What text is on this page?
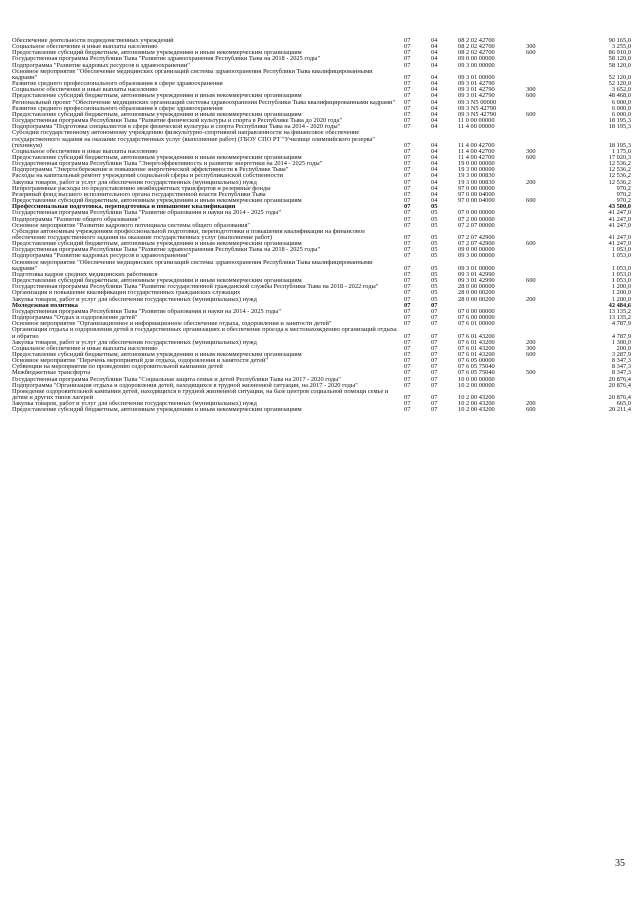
Обеспечение деятельности подведомственных учреждений	07	04	08 2 02 42700		90 165,0
Социальное обеспечение и иные выплаты населению	07	04	08 2 02 42700	300	3 255,0
Предоставление субсидий бюджетным, автономным учреждениям и иным некоммерческим организациям	07	04	08 2 02 42700	600	86 910,0
Государственная программа Республики Тыва "Развитие здравоохранения Республики Тыва на 2018 - 2025 годы"	07	04	09 0 00 00000		58 120,0
Подпрограмма "Развитие кадровых ресурсов в здравоохранении"	07	04	09 3 00 00000		58 120,0
Основное мероприятие "Обеспечение медицинских организаций системы здравоохранения Республики Тыва квалифицированными кадрами"	07	04	09 3 01 00000		52 120,0
Развитие среднего профессионального образования в сфере здравоохранения	07	04	09 3 01 42790		52 120,0
Социальное обеспечение и иные выплаты населению	07	04	09 3 01 42790	300	3 652,0
Предоставление субсидий бюджетным, автономным учреждениям и иным некоммерческим организациям	07	04	09 3 01 42790	600	48 468,0
Региональный проект "Обеспечение медицинских организаций системы здравоохранения Республики Тыва квалифицированными кадрами"	07	04	09 3 N5 00000		6 000,0
Развитие среднего профессионального образования в сфере здравоохранения	07	04	09 3 N5 42790		6 000,0
Предоставление субсидий бюджетным, автономным учреждениям и иным некоммерческим организациям	07	04	09 3 N5 42790	600	6 000,0
Государственная программа Республики Тыва "Развитие физической культуры и спорта в Республике Тыва до 2020 года"	07	04	11 0 00 00000		18 195,3
Подпрограмма "Подготовка специалистов в сфере физической культуры и спорта Республики Тыва на 2014 - 2020 годы"	07	04	11 4 00 00000		18 195,3
Субсидии государственному автономному учреждению физкультурно-спортивной направленности на финансовое обеспечение государственного задания на оказание государственных услуг (выполнение работ) (ГБОУ СПО РТ "Училище олимпийского резерва" (техникум)	07	04	11 4 00 42700		18 195,3
Социальное обеспечение и иные выплаты населению	07	04	11 4 00 42700	300	1 175,0
Предоставление субсидий бюджетным, автономным учреждениям и иным некоммерческим организациям	07	04	11 4 00 42700	600	17 020,3
Государственная программа Республики Тыва "Энергоэффективность и развитие энергетики на 2014 - 2025 годы"	07	04	19 0 00 00000		12 536,2
Подпрограмма "Энергосбережение и повышение энергетической эффективности в Республике Тыва"	07	04	19 3 00 00000		12 536,2
Расходы на капитальный ремонт учреждений социальной сферы и республиканской собственности	07	04	19 3 00 00830		12 536,2
Закупка товаров, работ и услуг для обеспечения государственных (муниципальных) нужд	07	04	19 3 00 00830	200	12 536,2
Непрограммные расходы по предоставлению межбюджетных трансфертов и резервные фонды	07	04	97 0 00 00000		970,2
Резервный фонд высшего исполнительного органа государственной власти Республики Тыва	07	04	97 0 00 04000		970,2
Предоставление субсидий бюджетным, автономным учреждениям и иным некоммерческим организациям	07	04	97 0 00 04000	600	970,2
Профессиональная подготовка, переподготовка и повышение квалификации	07	05			43 500,0
Государственная программа Республики Тыва "Развитие образования и науки на 2014 - 2025 годы"	07	05	07 0 00 00000		41 247,0
Подпрограмма "Развитие общего образования"	07	05	07 2 00 00000		41 247,0
Основное мероприятие "Развитие кадрового потенциала системы общего образования"	07	05	07 2 07 00000		41 247,0
Субсидии автономным учреждениям профессиональной подготовки, переподготовки и повышения квалификации на финансовое обеспечение государственного задания на оказание государственных услуг (выполнение работ)	07	05	07 2 07 42900		41 247,0
Предоставление субсидий бюджетным, автономным учреждениям и иным некоммерческим организациям	07	05	07 2 07 42900	600	41 247,0
Государственная программа Республики Тыва "Развитие здравоохранения Республики Тыва на 2018 - 2025 годы"	07	05	09 0 00 00000		1 053,0
Подпрограмма "Развитие кадровых ресурсов в здравоохранении"	07	05	09 3 00 00000		1 053,0
Основное мероприятие "Обеспечение медицинских организаций системы здравоохранения Республики Тыва квалифицированными кадрами"	07	05	09 3 01 00000		1 053,0
Подготовка кадров средних медицинских работников	07	05	09 3 01 42990		1 053,0
Предоставление субсидий бюджетным, автономным учреждениям и иным некоммерческим организациям	07	05	09 3 01 42990	600	1 053,0
Государственная программа Республики Тыва "Развитие государственной гражданской службы Республики Тыва на 2018 - 2022 годы"	07	05	28 0 00 00000		1 200,0
Организация и повышение квалификации государственных гражданских служащих	07	05	28 0 00 00200		1 200,0
Закупка товаров, работ и услуг для обеспечения государственных (муниципальных) нужд	07	05	28 0 00 00200	200	1 200,0
Молодежная политика	07	07			42 484,6
Государственная программа Республики Тыва "Развитие образования и науки на 2014 - 2025 годы"	07	07	07 0 00 00000		13 135,2
Подпрограмма "Отдых и оздоровление детей"	07	07	07 6 00 00000		13 135,2
Основное мероприятие "Организационное и информационное обеспечение отдыха, оздоровления и занятости детей"	07	07	07 6 01 00000		4 787,9
Организация отдыха и оздоровления детей в государственных организациях и обеспечение проезда к местонахождению организаций отдыха и обратно	07	07	07 6 01 43200		4 787,9
Закупка товаров, работ и услуг для обеспечения государственных (муниципальных) нужд	07	07	07 6 01 43200	200	1 300,0
Социальное обеспечение и иные выплаты населению	07	07	07 6 01 43200	300	200,0
Предоставление субсидий бюджетным, автономным учреждениям и иным некоммерческим организациям	07	07	07 6 01 43200	600	3 287,9
Основное мероприятие "Перечень мероприятий для отдыха, оздоровления и занятости детей"	07	07	07 6 05 00000		8 347,3
Субвенции на мероприятия по проведению оздоровительной кампании детей	07	07	07 6 05 75040		8 347,3
Межбюджетные трансферты	07	07	07 6 05 75040	500	8 347,3
Государственная программа Республики Тыва "Социальная защита семьи и детей Республики Тыва на 2017 - 2020 годы"	07	07	10 0 00 00000		20 876,4
Подпрограмма "Организация отдыха и оздоровления детей, находящихся в трудной жизненной ситуации, на 2017 - 2020 годы"	07	07	10 2 00 00000		20 876,4
Проведение оздоровительной кампании детей, находящихся в трудной жизненной ситуации, на базе центров социальной помощи семье и детям и других типов лагерей	07	07	10 2 00 43200		20 876,4
Закупка товаров, работ и услуг для обеспечения государственных (муниципальных) нужд	07	07	10 2 00 43200	200	665,0
Предоставление субсидий бюджетным, автономным учреждениям и иным некоммерческим организациям	07	07	10 2 00 43200	600	20 211,4
35
